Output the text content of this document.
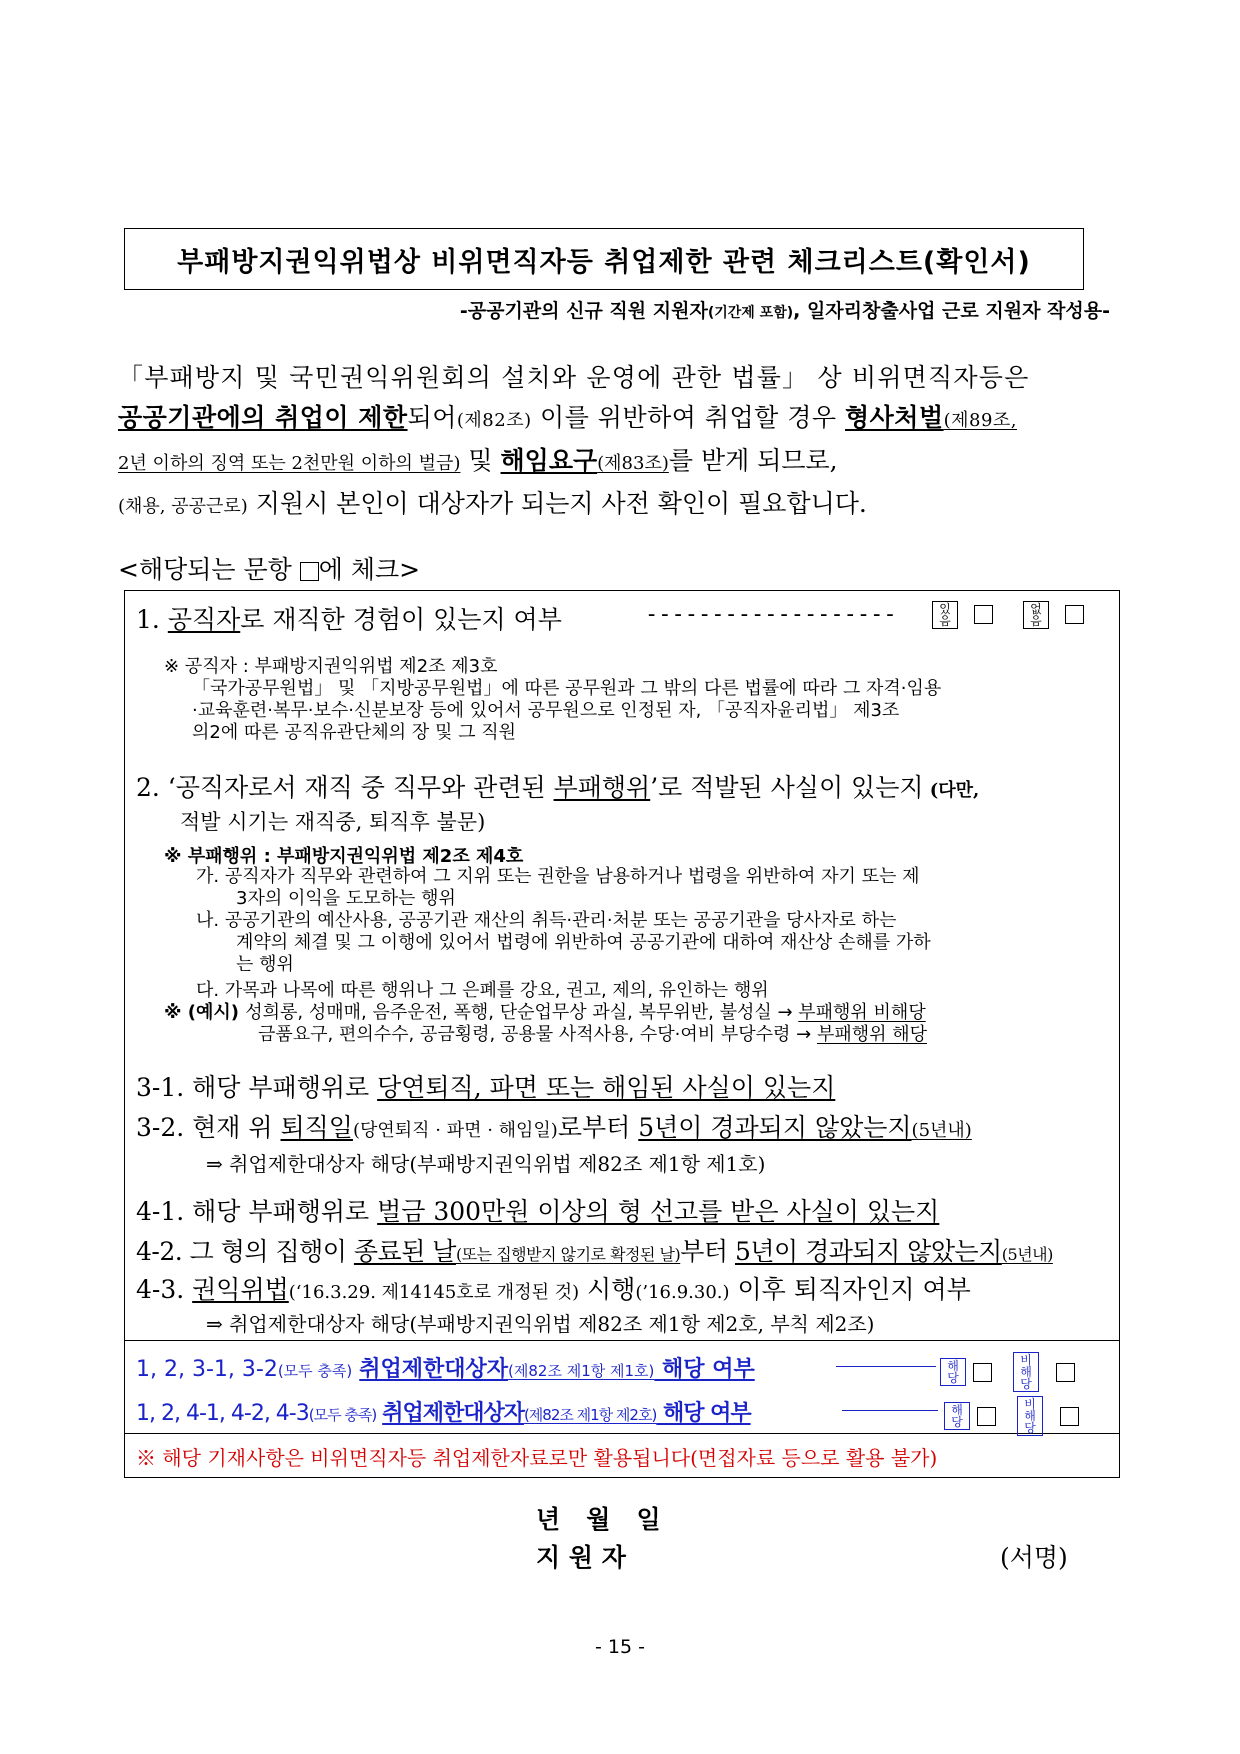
부패방지권익위법상 비위면직자등 취업제한 관련 체크리스트(확인서)
-공공기관의 신규 직원 지원자(기간제 포함), 일자리창출사업 근로 지원자 작성용-
「부패방지 및 국민권익위원회의 설치와 운영에 관한 법률」 상 비위면직자등은
공공기관에의 취업이 제한되어(제82조) 이를 위반하여 취업할 경우 형사처벌(제89조,
2년 이하의 징역 또는 2천만원 이하의 벌금) 및 해임요구(제83조)를 받게 되므로,
(채용, 공공근로) 지원시 본인이 대상자가 되는지 사전 확인이 필요합니다.
<해당되는 문항 에 체크>
1. 공직자로 재직한 경험이 있는지 여부	-------------------	있음  없음
※ 공직자 : 부패방지권익위법 제2조 제3호
「국가공무원법」 및 「지방공무원법」에 따른 공무원과 그 밖의 다른 법률에 따라 그 자격·임용
·교육훈련·복무·보수·신분보장 등에 있어서 공무원으로 인정된 자, 「공직자윤리법」 제3조
의2에 따른 공직유관단체의 장 및 그 직원
2. ‘공직자로서 재직 중 직무와 관련된 부패행위’로 적발된 사실이 있는지 (다만,
적발 시기는 재직중, 퇴직후 불문)
※ 부패행위 : 부패방지권익위법 제2조 제4호
가. 공직자가 직무와 관련하여 그 지위 또는 권한을 남용하거나 법령을 위반하여 자기 또는 제
3자의 이익을 도모하는 행위
나. 공공기관의 예산사용, 공공기관 재산의 취득·관리·처분 또는 공공기관을 당사자로 하는
계약의 체결 및 그 이행에 있어서 법령에 위반하여 공공기관에 대하여 재산상 손해를 가하
는 행위
다. 가목과 나목에 따른 행위나 그 은폐를 강요, 권고, 제의, 유인하는 행위
※ (예시) 성희롱, 성매매, 음주운전, 폭행, 단순업무상 과실, 복무위반, 불성실 → 부패행위 비해당
금품요구, 편의수수, 공금횡령, 공용물 사적사용, 수당·여비 부당수령 → 부패행위 해당
3-1. 해당 부패행위로 당연퇴직, 파면 또는 해임된 사실이 있는지
3-2. 현재 위 퇴직일(당연퇴직 · 파면 · 해임일)로부터 5년이 경과되지 않았는지(5년내)
⇒ 취업제한대상자 해당(부패방지권익위법 제82조 제1항 제1호)
4-1. 해당 부패행위로 벌금 300만원 이상의 형 선고를 받은 사실이 있는지
4-2. 그 형의 집행이 종료된 날(또는 집행받지 않기로 확정된 날)부터 5년이 경과되지 않았는지(5년내)
4-3. 권익위법(‘16.3.29. 제14145호로 개정된 것) 시행(’16.9.30.) 이후 퇴직자인지 여부
⇒ 취업제한대상자 해당(부패방지권익위법 제82조 제1항 제2호, 부칙 제2조)
1, 2, 3-1, 3-2(모두 충족) 취업제한대상자(제82조 제1항 제1호) 해당 여부	해당  비해당
1, 2, 4-1, 4-2, 4-3(모두 충족) 취업제한대상자(제82조 제1항 제2호) 해당 여부	해당  비해당
※ 해당 기재사항은 비위면직자등 취업제한자료로만 활용됩니다(면접자료 등으로 활용 불가)
년   월   일
지 원 자	(서명)
- 15 -
